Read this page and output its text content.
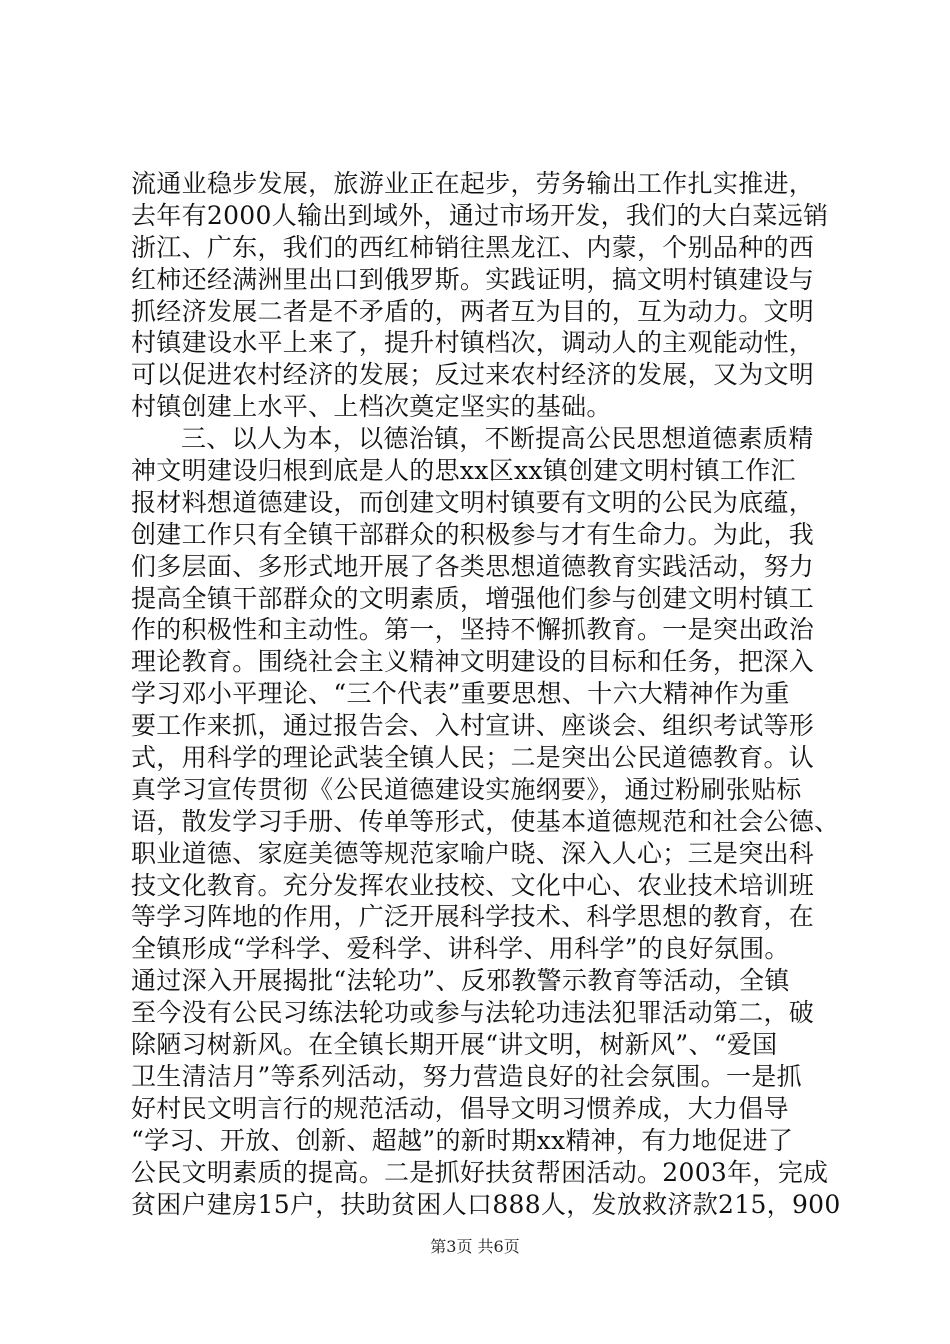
流通业稳步发展，旅游业正在起步，劳务输出工作扎实推进，
去年有2000人输出到域外，通过市场开发，我们的大白菜远销
浙江、广东，我们的西红柿销往黑龙江、内蒙，个别品种的西
红柿还经满洲里出口到俄罗斯。实践证明，搞文明村镇建设与
抓经济发展二者是不矛盾的，两者互为目的，互为动力。文明
村镇建设水平上来了，提升村镇档次，调动人的主观能动性，
可以促进农村经济的发展；反过来农村经济的发展，又为文明
村镇创建上水平、上档次奠定坚实的基础。
三、以人为本，以德治镇，不断提高公民思想道德素质精
神文明建设归根到底是人的思xx区xx镇创建文明村镇工作汇
报材料想道德建设，而创建文明村镇要有文明的公民为底蕴，
创建工作只有全镇干部群众的积极参与才有生命力。为此，我
们多层面、多形式地开展了各类思想道德教育实践活动，努力
提高全镇干部群众的文明素质，增强他们参与创建文明村镇工
作的积极性和主动性。第一，坚持不懈抓教育。一是突出政治
理论教育。围绕社会主义精神文明建设的目标和任务，把深入
学习邓小平理论、“三个代表”重要思想、十六大精神作为重
要工作来抓，通过报告会、入村宣讲、座谈会、组织考试等形
式，用科学的理论武装全镇人民；二是突出公民道德教育。认
真学习宣传贯彻《公民道德建设实施纲要》，通过粉刷张贴标
语，散发学习手册、传单等形式，使基本道德规范和社会公德、
职业道德、家庭美德等规范家喻户晓、深入人心；三是突出科
技文化教育。充分发挥农业技校、文化中心、农业技术培训班
等学习阵地的作用，广泛开展科学技术、科学思想的教育，在
全镇形成“学科学、爱科学、讲科学、用科学”的良好氛围。
通过深入开展揭批“法轮功”、反邪教警示教育等活动，全镇
至今没有公民习练法轮功或参与法轮功违法犯罪活动第二，破
除陋习树新风。在全镇长期开展“讲文明，树新风”、“爱国
卫生清洁月”等系列活动，努力营造良好的社会氛围。一是抓
好村民文明言行的规范活动，倡导文明习惯养成，大力倡导
“学习、开放、创新、超越”的新时期xx精神，有力地促进了
公民文明素质的提高。二是抓好扶贫帮困活动。2003年，完成
贫困户建房15户，扶助贫困人口888人，发放救济款215，900
第3页 共6页
